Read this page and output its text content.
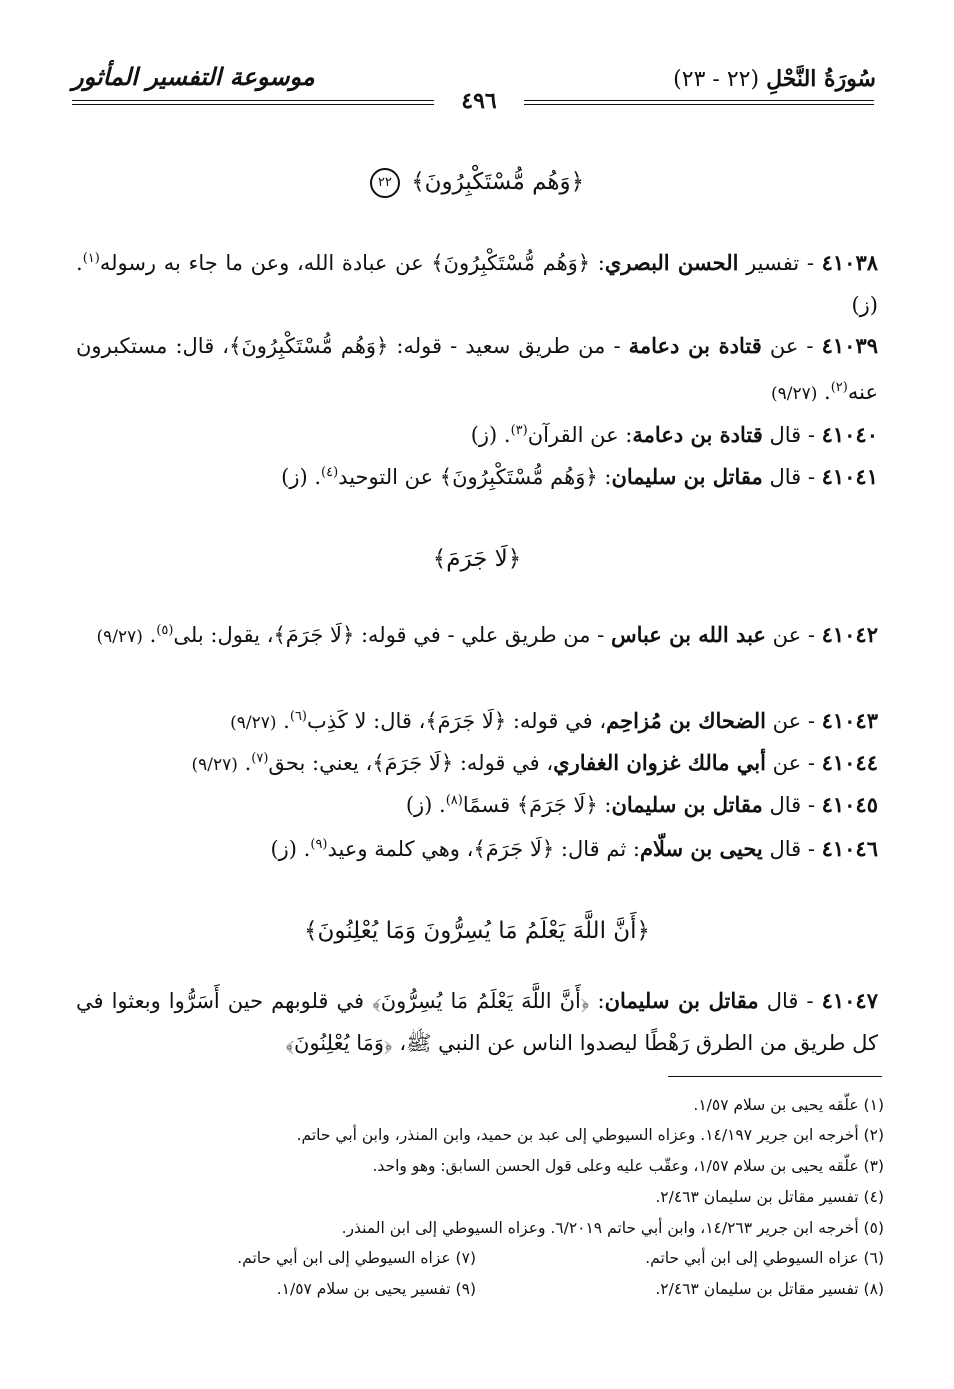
سُورَةُ النَّحْلِ (٢٢ - ٢٣)
موسوعة التفسير المأثور
٤٩٦
﴿وَهُم مُّسْتَكْبِرُونَ﴾ ٢٢
٤١٠٣٨ - تفسير الحسن البصري: ﴿وَهُم مُّسْتَكْبِرُونَ﴾ عن عبادة الله، وعن ما جاء به رسوله$^{(١)}$. (ز)
٤١٠٣٩ - عن قتادة بن دعامة - من طريق سعيد - قوله: ﴿وَهُم مُّسْتَكْبِرُونَ﴾، قال: مستكبرون عنه$^{(٢)}$. (٩/٢٧)
٤١٠٤٠ - قال قتادة بن دعامة: عن القرآن$^{(٣)}$. (ز)
٤١٠٤١ - قال مقاتل بن سليمان: ﴿وَهُم مُّسْتَكْبِرُونَ﴾ عن التوحيد$^{(٤)}$. (ز)
﴿لَا جَرَمَ﴾
٤١٠٤٢ - عن عبد الله بن عباس - من طريق علي - في قوله: ﴿لَا جَرَمَ﴾، يقول: بلى$^{(٥)}$. (٩/٢٧)
٤١٠٤٣ - عن الضحاك بن مُزاحِم، في قوله: ﴿لَا جَرَمَ﴾، قال: لا كَذِب$^{(٦)}$. (٩/٢٧)
٤١٠٤٤ - عن أبي مالك غزوان الغفاري، في قوله: ﴿لَا جَرَمَ﴾، يعني: بحق$^{(٧)}$. (٩/٢٧)
٤١٠٤٥ - قال مقاتل بن سليمان: ﴿لَا جَرَمَ﴾ قسمًا$^{(٨)}$. (ز)
٤١٠٤٦ - قال يحيى بن سلّام: ثم قال: ﴿لَا جَرَمَ﴾، وهي كلمة وعيد$^{(٩)}$. (ز)
﴿أَنَّ اللَّهَ يَعْلَمُ مَا يُسِرُّونَ وَمَا يُعْلِنُونَ﴾
٤١٠٤٧ - قال مقاتل بن سليمان: ﴿أَنَّ اللَّهَ يَعْلَمُ مَا يُسِرُّونَ﴾ في قلوبهم حين أَسَرُّوا وبعثوا في كل طريق من الطرق رَهْطًا ليصدوا الناس عن النبي ﷺ، ﴿وَمَا يُعْلِنُونَ﴾
(١) علّقه يحيى بن سلام ١/٥٧.
(٢) أخرجه ابن جرير ١٤/١٩٧. وعزاه السيوطي إلى عبد بن حميد، وابن المنذر، وابن أبي حاتم.
(٣) علّقه يحيى بن سلام ١/٥٧، وعقّب عليه وعلى قول الحسن السابق: وهو واحد.
(٤) تفسير مقاتل بن سليمان ٢/٤٦٣.
(٥) أخرجه ابن جرير ١٤/٢٦٣، وابن أبي حاتم ٦/٢٠١٩. وعزاه السيوطي إلى ابن المنذر.
(٦) عزاه السيوطي إلى ابن أبي حاتم.
(٧) عزاه السيوطي إلى ابن أبي حاتم.
(٨) تفسير مقاتل بن سليمان ٢/٤٦٣.
(٩) تفسير يحيى بن سلام ١/٥٧.
